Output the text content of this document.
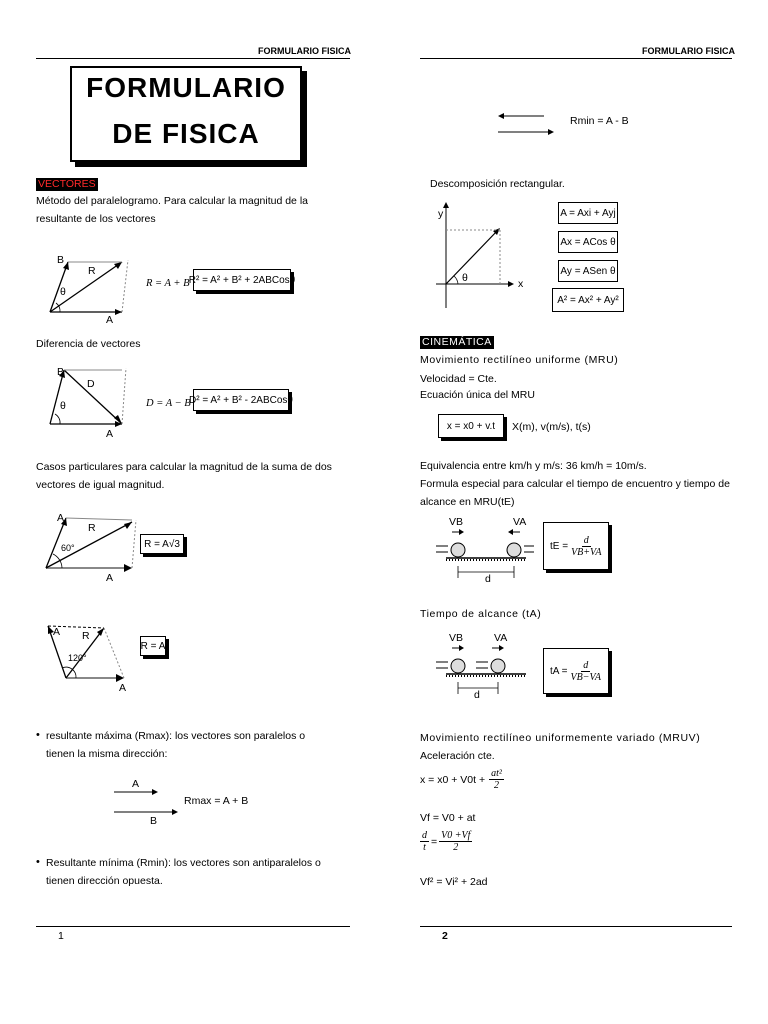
FORMULARIO FISICA	FORMULARIO FISICA
FORMULARIO
DE FISICA
VECTORES
Método del paralelogramo. Para calcular la magnitud de la resultante de los vectores
B
R
θ
A
R = A + B R² = A² + B² + 2ABCosθ
Diferencia de vectores
B
D
θ
A
D = A − B
D² = A² + B² - 2ABCosθ
Casos particulares para calcular la magnitud de la suma de dos vectores de igual magnitud.
A
R
60°
A
R = A√3
A R
120°
A
R = A
• resultante máxima (Rmax): los vectores son paralelos o tienen la misma dirección:
A
B
Rmax = A + B
• Resultante mínima (Rmin): los vectores son antiparalelos o tienen dirección opuesta.
1
Rmin = A - B
Descomposición rectangular.
y
θ	x
A = Axi + Ayj
Ax = ACos θ
Ay = ASen θ
A² = Ax² + Ay²
CINEMÁTICA
Movimiento rectilíneo uniforme (MRU)
Velocidad = Cte.
Ecuación única del MRU
x = x0 + v.t X(m), v(m/s), t(s)
Equivalencia entre km/h y m/s: 36 km/h = 10m/s.
Formula especial para calcular el tiempo de encuentro y tiempo de alcance en MRU(tE)
VB	VA
d
tE = $\frac{d}{VB+VA}$
Tiempo de alcance (tA)
VB	VA
d
tA = $\frac{d}{VB-VA}$
Movimiento rectilíneo uniformemente variado (MRUV)
Aceleración cte.
$x = x0 + V0t + \frac{\text{at²}}{2}$
Vf = V0 + at
$\frac{d}{t} = \frac{V0 +Vf}{2}$
Vf² = Vi² + 2ad
2
